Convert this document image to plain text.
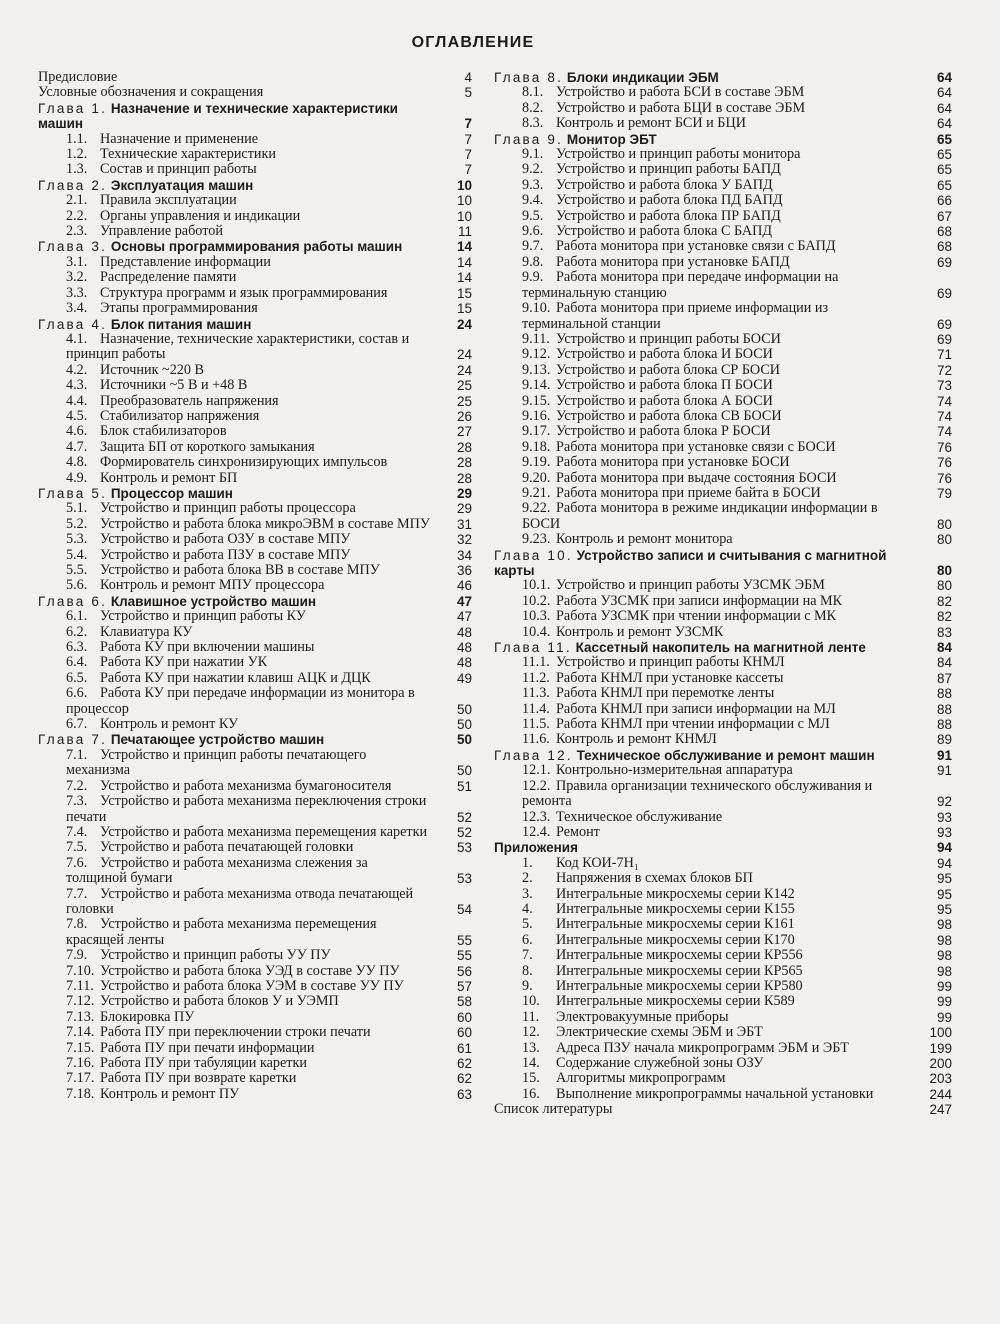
ОГЛАВЛЕНИЕ
Предисловие	4
Условные обозначения и сокращения	5
Глава 1. Назначение и технические характеристики машин	7
1.1. Назначение и применение	7
1.2. Технические характеристики	7
1.3. Состав и принцип работы	7
Глава 2. Эксплуатация машин	10
2.1. Правила эксплуатации	10
2.2. Органы управления и индикации	10
2.3. Управление работой	11
Глава 3. Основы программирования работы машин	14
3.1. Представление информации	14
3.2. Распределение памяти	14
3.3. Структура программ и язык программирования	15
3.4. Этапы программирования	15
Глава 4. Блок питания машин	24
4.1. Назначение, технические характеристики, состав и принцип работы	24
4.2. Источник ~220 В	24
4.3. Источники ~5 В и +48 В	25
4.4. Преобразователь напряжения	25
4.5. Стабилизатор напряжения	26
4.6. Блок стабилизаторов	27
4.7. Защита БП от короткого замыкания	28
4.8. Формирователь синхронизирующих импульсов	28
4.9. Контроль и ремонт БП	28
Глава 5. Процессор машин	29
5.1. Устройство и принцип работы процессора	29
5.2. Устройство и работа блока микроЭВМ в составе МПУ	31
5.3. Устройство и работа ОЗУ в составе МПУ	32
5.4. Устройство и работа ПЗУ в составе МПУ	34
5.5. Устройство и работа блока ВВ в составе МПУ	36
5.6. Контроль и ремонт МПУ процессора	46
Глава 6. Клавишное устройство машин	47
6.1. Устройство и принцип работы КУ	47
6.2. Клавиатура КУ	48
6.3. Работа КУ при включении машины	48
6.4. Работа КУ при нажатии УК	48
6.5. Работа КУ при нажатии клавиш АЦК и ДЦК	49
6.6. Работа КУ при передаче информации из монитора в процессор	50
6.7. Контроль и ремонт КУ	50
Глава 7. Печатающее устройство машин	50
7.1. Устройство и принцип работы печатающего механизма	50
7.2. Устройство и работа механизма бумагоносителя	51
7.3. Устройство и работа механизма переключения строки печати	52
7.4. Устройство и работа механизма перемещения каретки	52
7.5. Устройство и работа печатающей головки	53
7.6. Устройство и работа механизма слежения за толщиной бумаги	53
7.7. Устройство и работа механизма отвода печатающей головки	54
7.8. Устройство и работа механизма перемещения красящей ленты	55
7.9. Устройство и принцип работы УУ ПУ	55
7.10. Устройство и работа блока УЭД в составе УУ ПУ	56
7.11. Устройство и работа блока УЭМ в составе УУ ПУ	57
7.12. Устройство и работа блоков У и УЭМП	58
7.13. Блокировка ПУ	60
7.14. Работа ПУ при переключении строки печати	60
7.15. Работа ПУ при печати информации	61
7.16. Работа ПУ при табуляции каретки	62
7.17. Работа ПУ при возврате каретки	62
7.18. Контроль и ремонт ПУ	63
Глава 8. Блоки индикации ЭБМ	64
8.1. Устройство и работа БСИ в составе ЭБМ	64
8.2. Устройство и работа БЦИ в составе ЭБМ	64
8.3. Контроль и ремонт БСИ и БЦИ	64
Глава 9. Монитор ЭБТ	65
9.1. Устройство и принцип работы монитора	65
9.2. Устройство и принцип работы БАПД	65
9.3. Устройство и работа блока У БАПД	65
9.4. Устройство и работа блока ПД БАПД	66
9.5. Устройство и работа блока ПР БАПД	67
9.6. Устройство и работа блока С БАПД	68
9.7. Работа монитора при установке связи с БАПД	68
9.8. Работа монитора при установке БАПД	69
9.9. Работа монитора при передаче информации на терминальную станцию	69
9.10. Работа монитора при приеме информации из терминальной станции	69
9.11. Устройство и принцип работы БОСИ	69
9.12. Устройство и работа блока И БОСИ	71
9.13. Устройство и работа блока СР БОСИ	72
9.14. Устройство и работа блока П БОСИ	73
9.15. Устройство и работа блока А БОСИ	74
9.16. Устройство и работа блока СВ БОСИ	74
9.17. Устройство и работа блока Р БОСИ	74
9.18. Работа монитора при установке связи с БОСИ	76
9.19. Работа монитора при установке БОСИ	76
9.20. Работа монитора при выдаче состояния БОСИ	76
9.21. Работа монитора при приеме байта в БОСИ	79
9.22. Работа монитора в режиме индикации информации в БОСИ	80
9.23. Контроль и ремонт монитора	80
Глава 10. Устройство записи и считывания с магнитной карты	80
10.1. Устройство и принцип работы УЗСМК ЭБМ	80
10.2. Работа УЗСМК при записи информации на МК	82
10.3. Работа УЗСМК при чтении информации с МК	82
10.4. Контроль и ремонт УЗСМК	83
Глава 11. Кассетный накопитель на магнитной ленте	84
11.1. Устройство и принцип работы КНМЛ	84
11.2. Работа КНМЛ при установке кассеты	87
11.3. Работа КНМЛ при перемотке ленты	88
11.4. Работа КНМЛ при записи информации на МЛ	88
11.5. Работа КНМЛ при чтении информации с МЛ	88
11.6. Контроль и ремонт КНМЛ	89
Глава 12. Техническое обслуживание и ремонт машин	91
12.1. Контрольно-измерительная аппаратура	91
12.2. Правила организации технического обслуживания и ремонта	92
12.3. Техническое обслуживание	93
12.4. Ремонт	93
Приложения	94
1. Код КОИ-7Н₁	94
2. Напряжения в схемах блоков БП	95
3. Интегральные микросхемы серии К142	95
4. Интегральные микросхемы серии К155	95
5. Интегральные микросхемы серии К161	98
6. Интегральные микросхемы серии К170	98
7. Интегральные микросхемы серии КР556	98
8. Интегральные микросхемы серии КР565	98
9. Интегральные микросхемы серии КР580	99
10. Интегральные микросхемы серии К589	99
11. Электровакуумные приборы	99
12. Электрические схемы ЭБМ и ЭБТ	100
13. Адреса ПЗУ начала микропрограмм ЭБМ и ЭБТ	199
14. Содержание служебной зоны ОЗУ	200
15. Алгоритмы микропрограмм	203
16. Выполнение микропрограммы начальной установки	244
Список литературы	247
